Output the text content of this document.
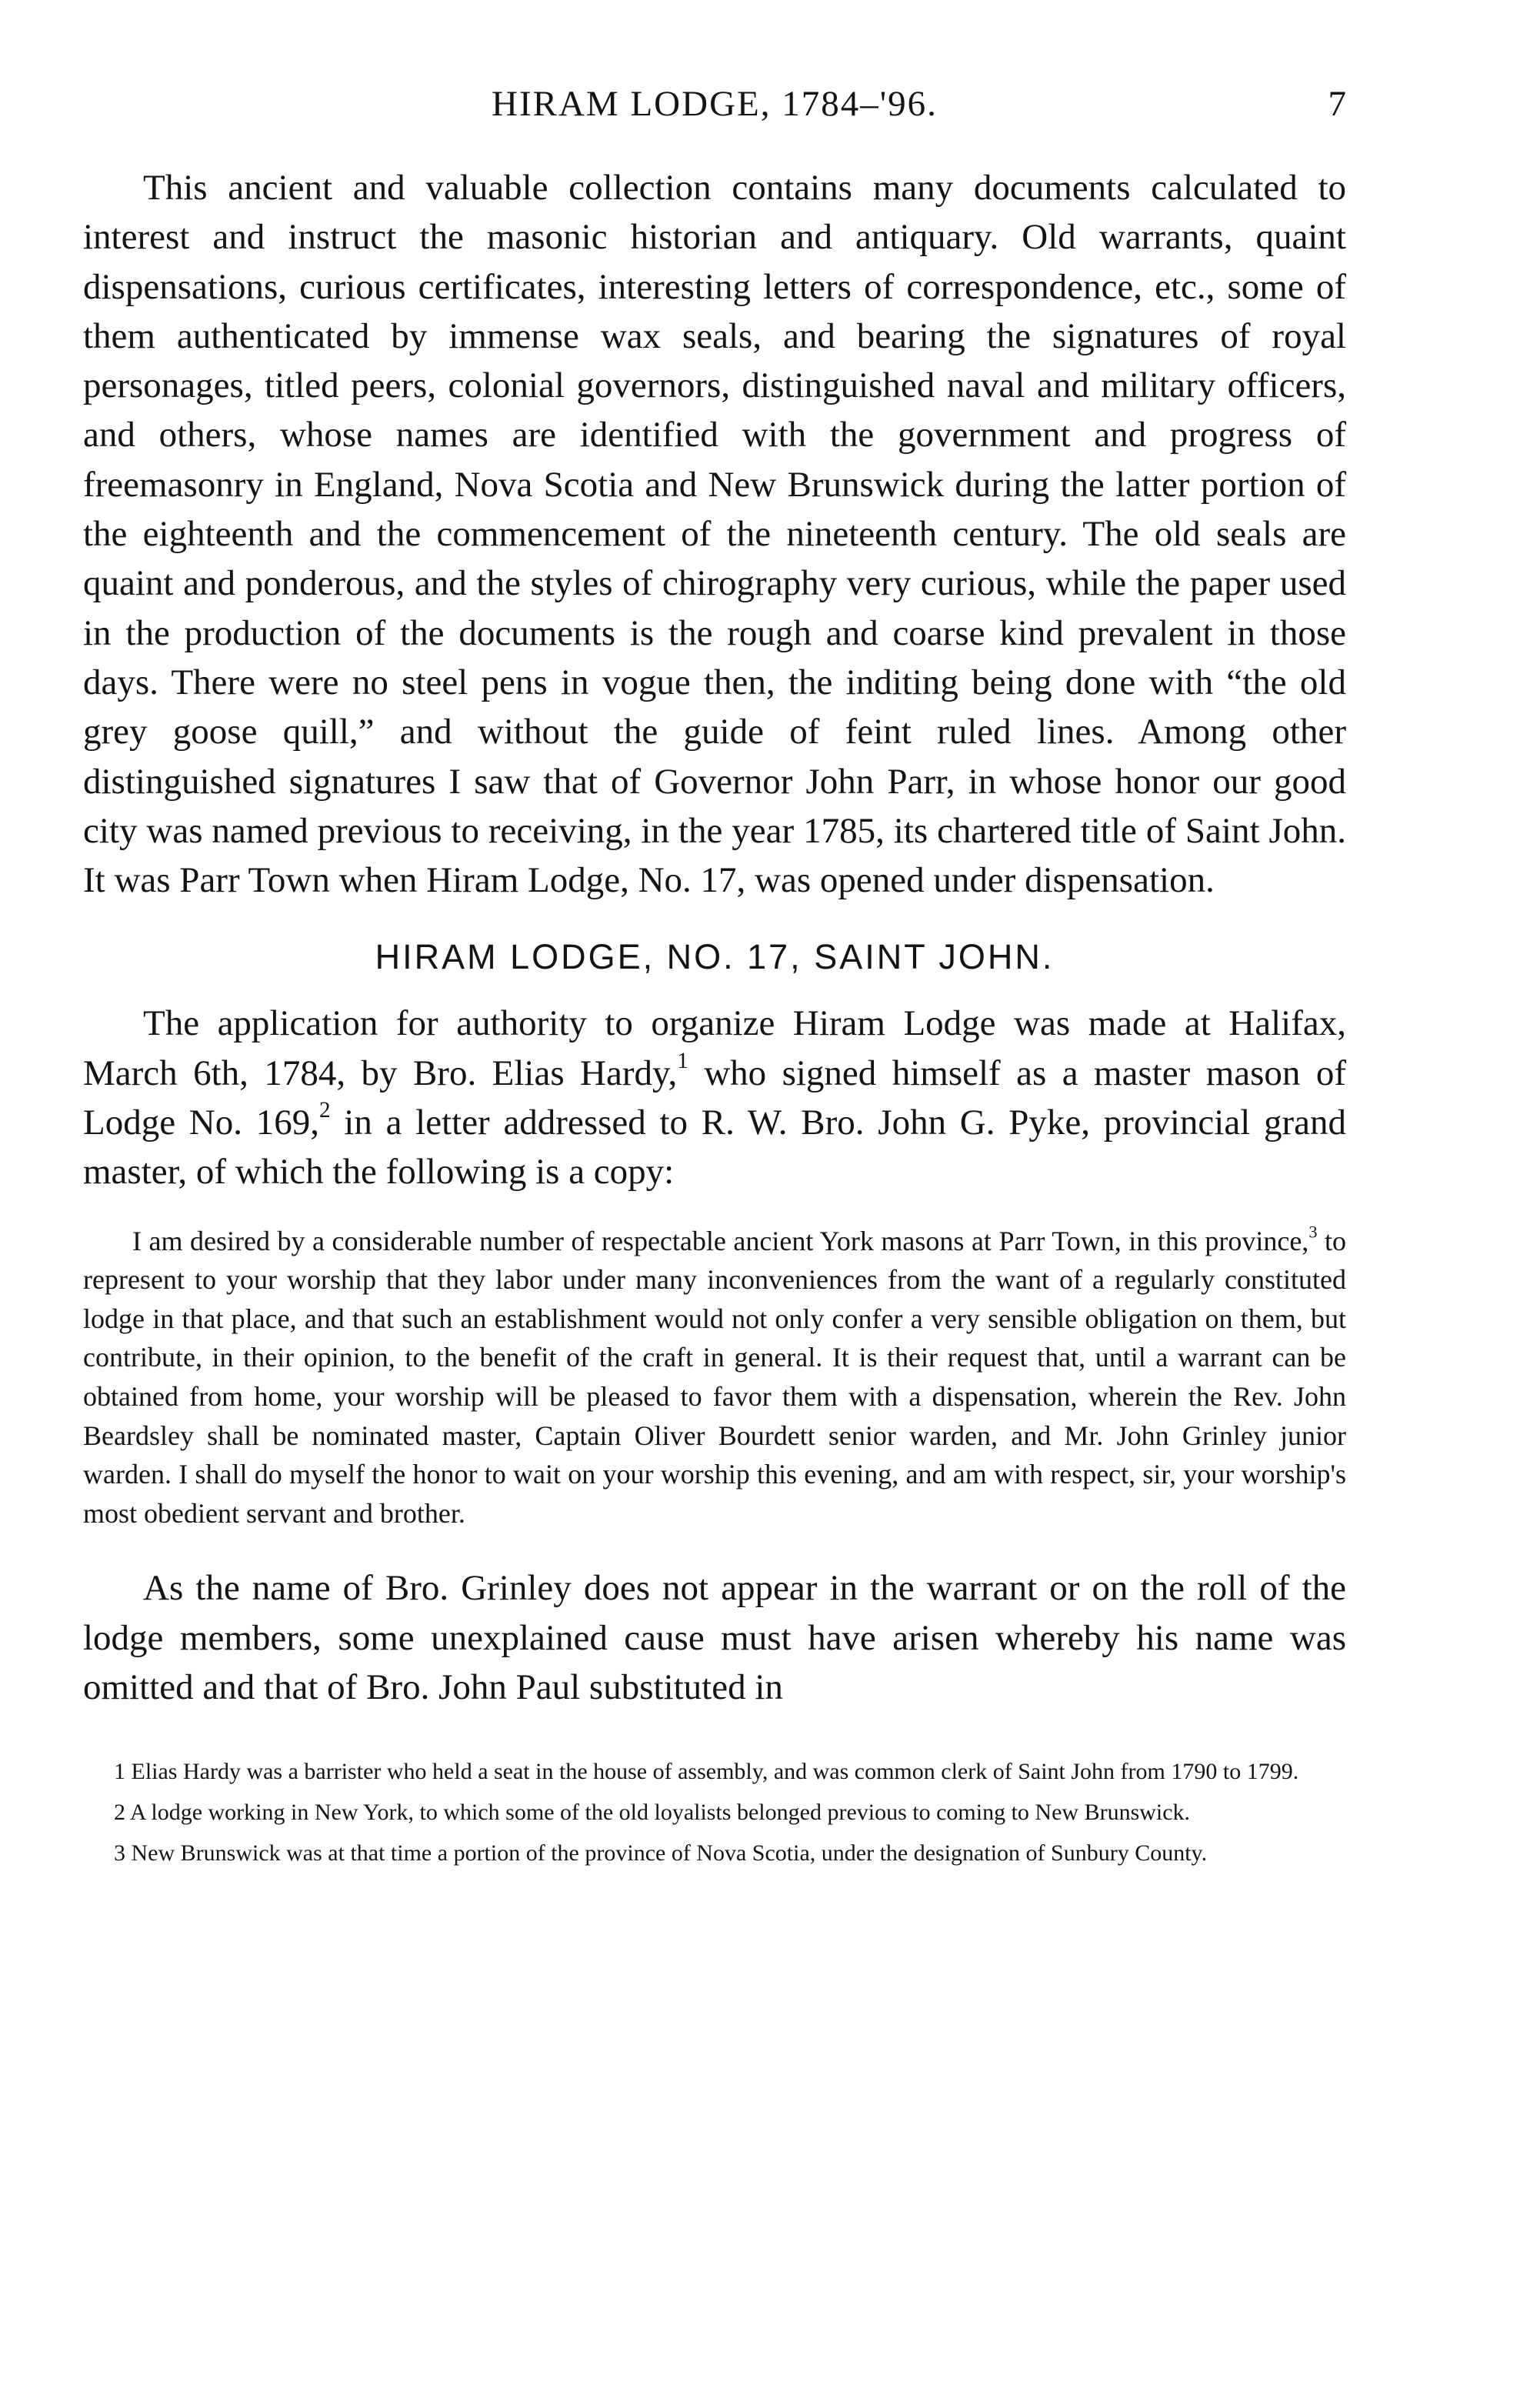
HIRAM LODGE, 1784–'96.	7

This ancient and valuable collection contains many documents calculated to interest and instruct the masonic historian and antiquary. Old warrants, quaint dispensations, curious certificates, interesting letters of correspondence, etc., some of them authenticated by immense wax seals, and bearing the signatures of royal personages, titled peers, colonial governors, distinguished naval and military officers, and others, whose names are identified with the government and progress of freemasonry in England, Nova Scotia and New Brunswick during the latter portion of the eighteenth and the commencement of the nineteenth century. The old seals are quaint and ponderous, and the styles of chirography very curious, while the paper used in the production of the documents is the rough and coarse kind prevalent in those days. There were no steel pens in vogue then, the inditing being done with “the old grey goose quill,” and without the guide of feint ruled lines. Among other distinguished signatures I saw that of Governor John Parr, in whose honor our good city was named previous to receiving, in the year 1785, its chartered title of Saint John. It was Parr Town when Hiram Lodge, No. 17, was opened under dispensation.

HIRAM LODGE, NO. 17, SAINT JOHN.

The application for authority to organize Hiram Lodge was made at Halifax, March 6th, 1784, by Bro. Elias Hardy,$^1$ who signed himself as a master mason of Lodge No. 169,$^2$ in a letter addressed to R. W. Bro. John G. Pyke, provincial grand master, of which the following is a copy:

I am desired by a considerable number of respectable ancient York masons at Parr Town, in this province,$^3$ to represent to your worship that they labor under many inconveniences from the want of a regularly constituted lodge in that place, and that such an establishment would not only confer a very sensible obligation on them, but contribute, in their opinion, to the benefit of the craft in general. It is their request that, until a warrant can be obtained from home, your worship will be pleased to favor them with a dispensation, wherein the Rev. John Beardsley shall be nominated master, Captain Oliver Bourdett senior warden, and Mr. John Grinley junior warden. I shall do myself the honor to wait on your worship this evening, and am with respect, sir, your worship's most obedient servant and brother.

As the name of Bro. Grinley does not appear in the warrant or on the roll of the lodge members, some unexplained cause must have arisen whereby his name was omitted and that of Bro. John Paul substituted in

1 Elias Hardy was a barrister who held a seat in the house of assembly, and was common clerk of Saint John from 1790 to 1799.

2 A lodge working in New York, to which some of the old loyalists belonged previous to coming to New Brunswick.

3 New Brunswick was at that time a portion of the province of Nova Scotia, under the designation of Sunbury County.
